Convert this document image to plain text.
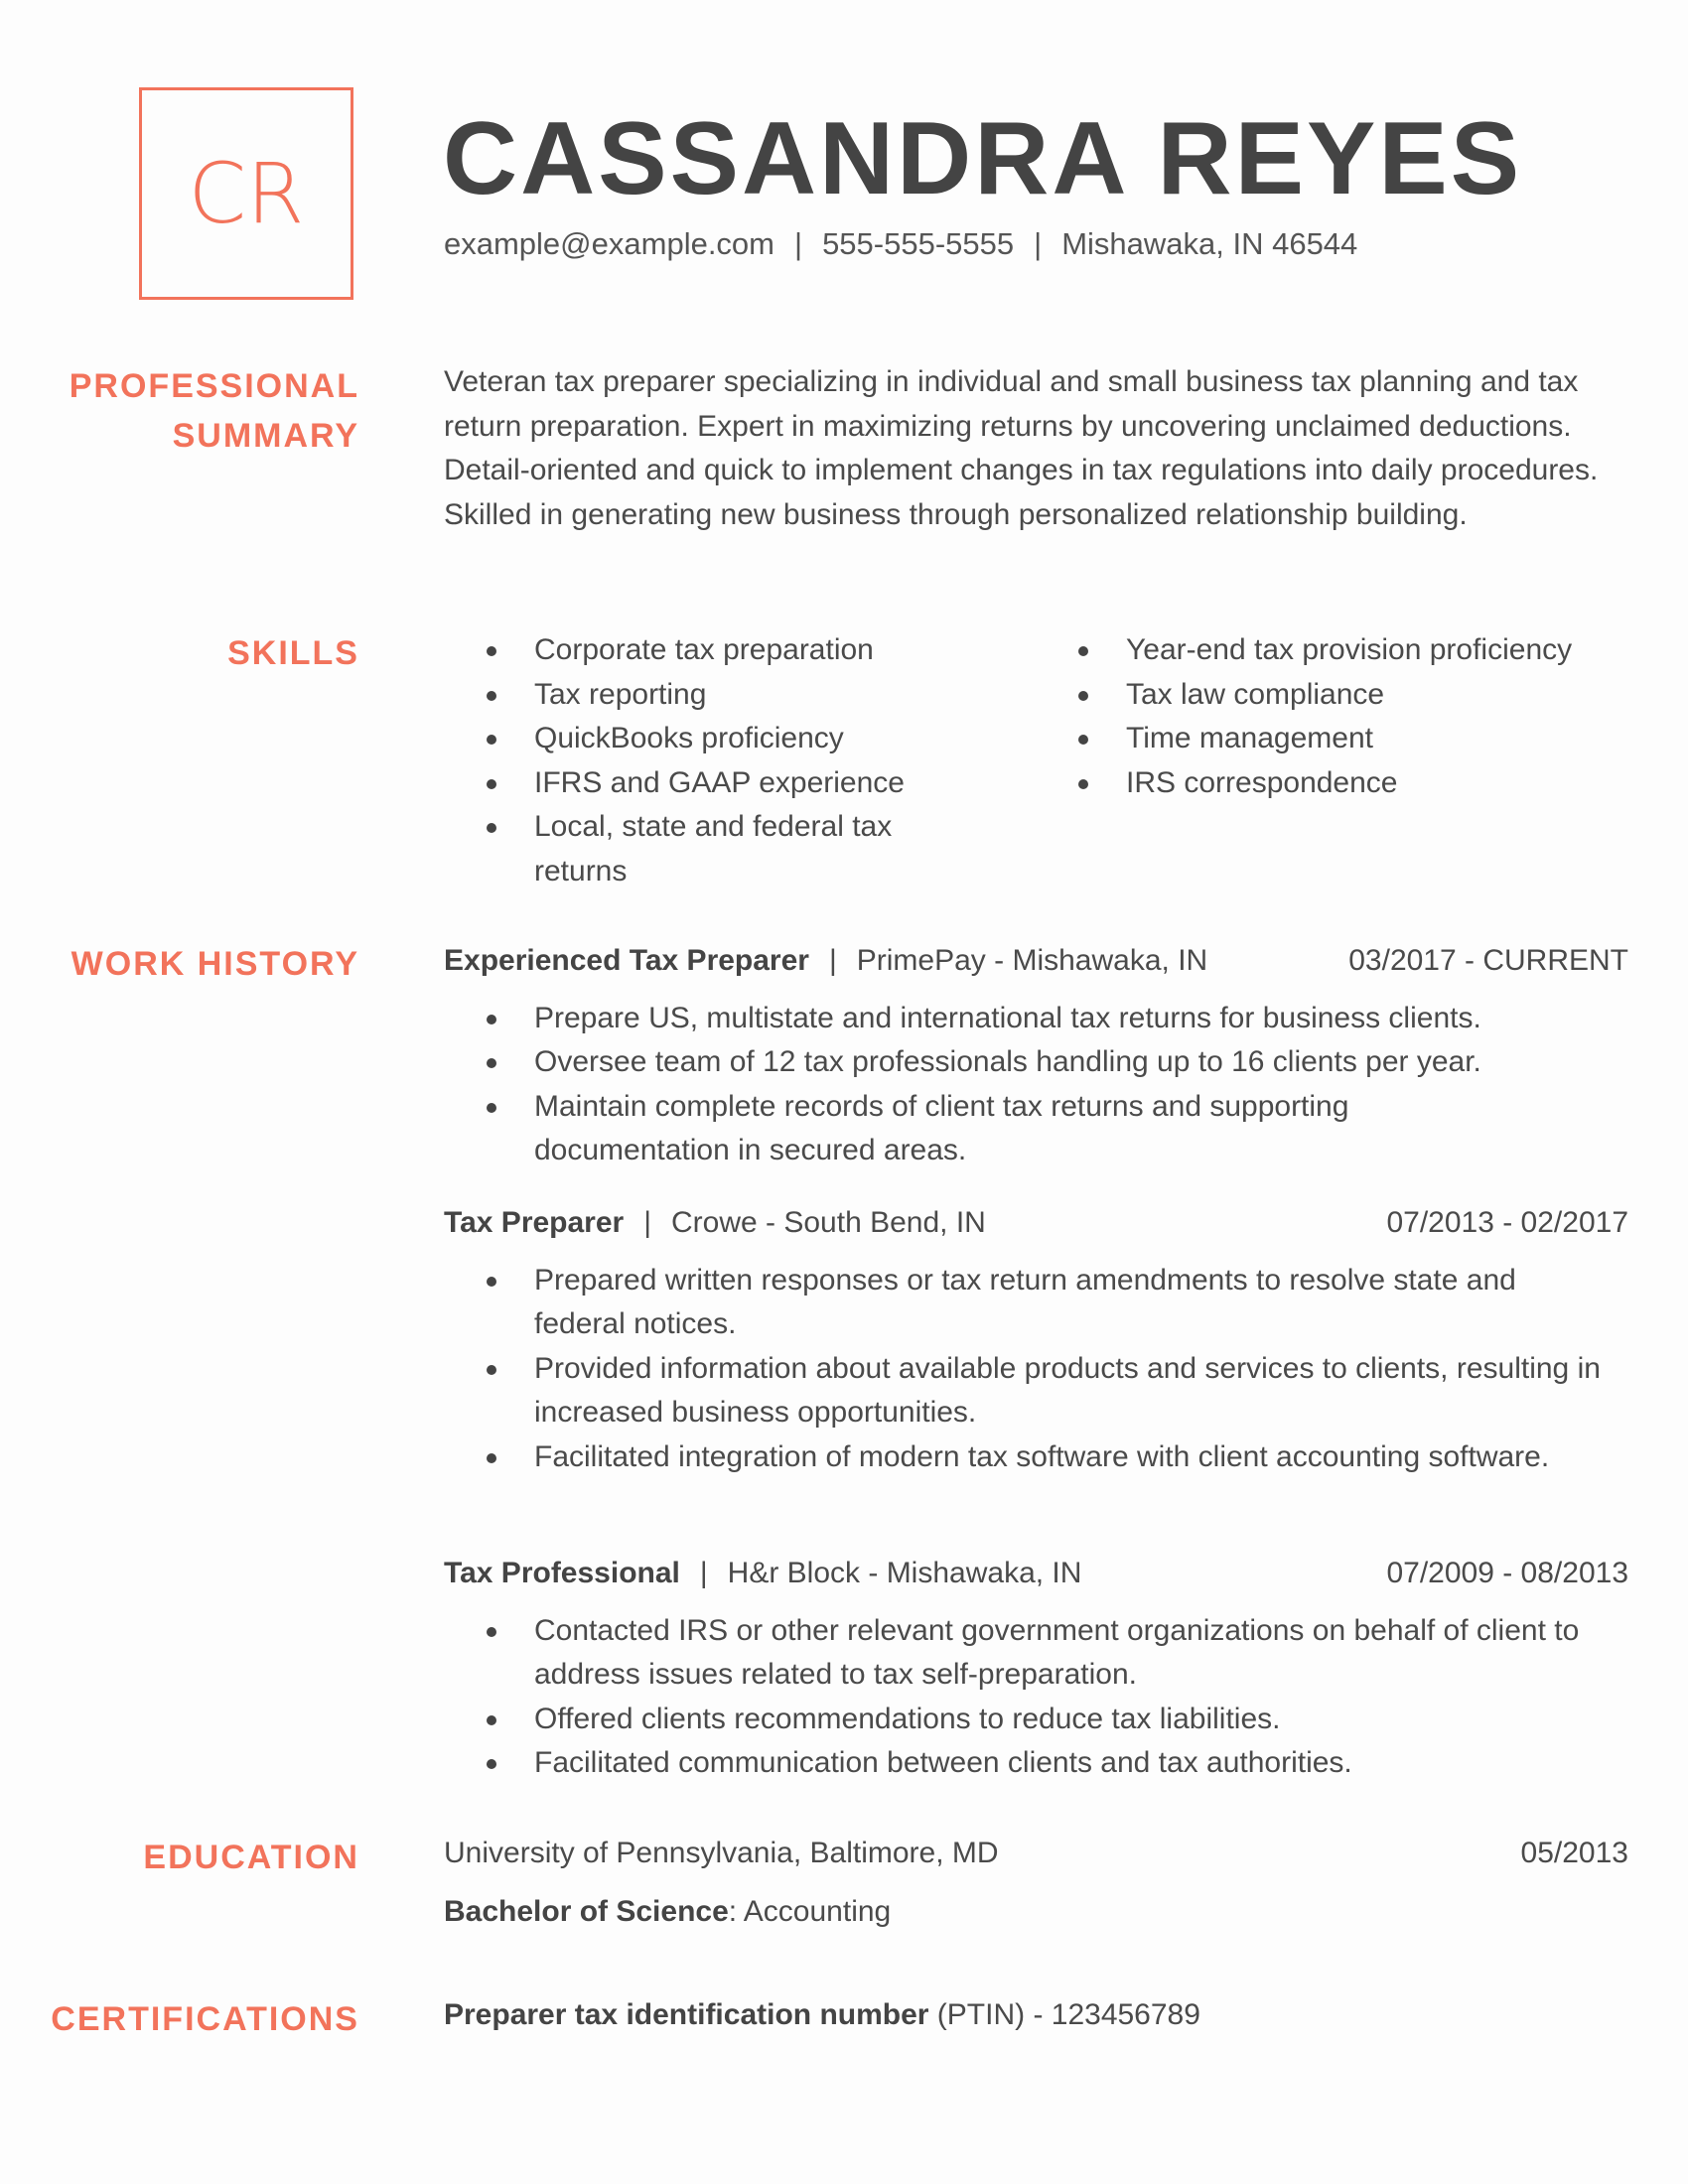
CR CASSANDRA REYES
example@example.com | 555-555-5555 | Mishawaka, IN 46544
PROFESSIONAL
SUMMARY
Veteran tax preparer specializing in individual and small business tax planning and tax return preparation. Expert in maximizing returns by uncovering unclaimed deductions. Detail-oriented and quick to implement changes in tax regulations into daily procedures. Skilled in generating new business through personalized relationship building.
SKILLS	Corporate tax preparation
Tax reporting
QuickBooks proficiency
IFRS and GAAP experience
Local, state and federal tax returns
Year-end tax provision proficiency
Tax law compliance
Time management
IRS correspondence
WORK HISTORY	Experienced Tax Preparer | PrimePay - Mishawaka, IN	03/2017 - CURRENT
Prepare US, multistate and international tax returns for business clients.
Oversee team of 12 tax professionals handling up to 16 clients per year.
Maintain complete records of client tax returns and supporting documentation in secured areas.
Tax Preparer | Crowe - South Bend, IN	07/2013 - 02/2017
Prepared written responses or tax return amendments to resolve state and federal notices.
Provided information about available products and services to clients, resulting in increased business opportunities.
Facilitated integration of modern tax software with client accounting software.
Tax Professional | H&r Block - Mishawaka, IN	07/2009 - 08/2013
Contacted IRS or other relevant government organizations on behalf of client to address issues related to tax self-preparation.
Offered clients recommendations to reduce tax liabilities.
Facilitated communication between clients and tax authorities.
EDUCATION	University of Pennsylvania, Baltimore, MD	05/2013
Bachelor of Science: Accounting
CERTIFICATIONS	Preparer tax identification number (PTIN) - 123456789
